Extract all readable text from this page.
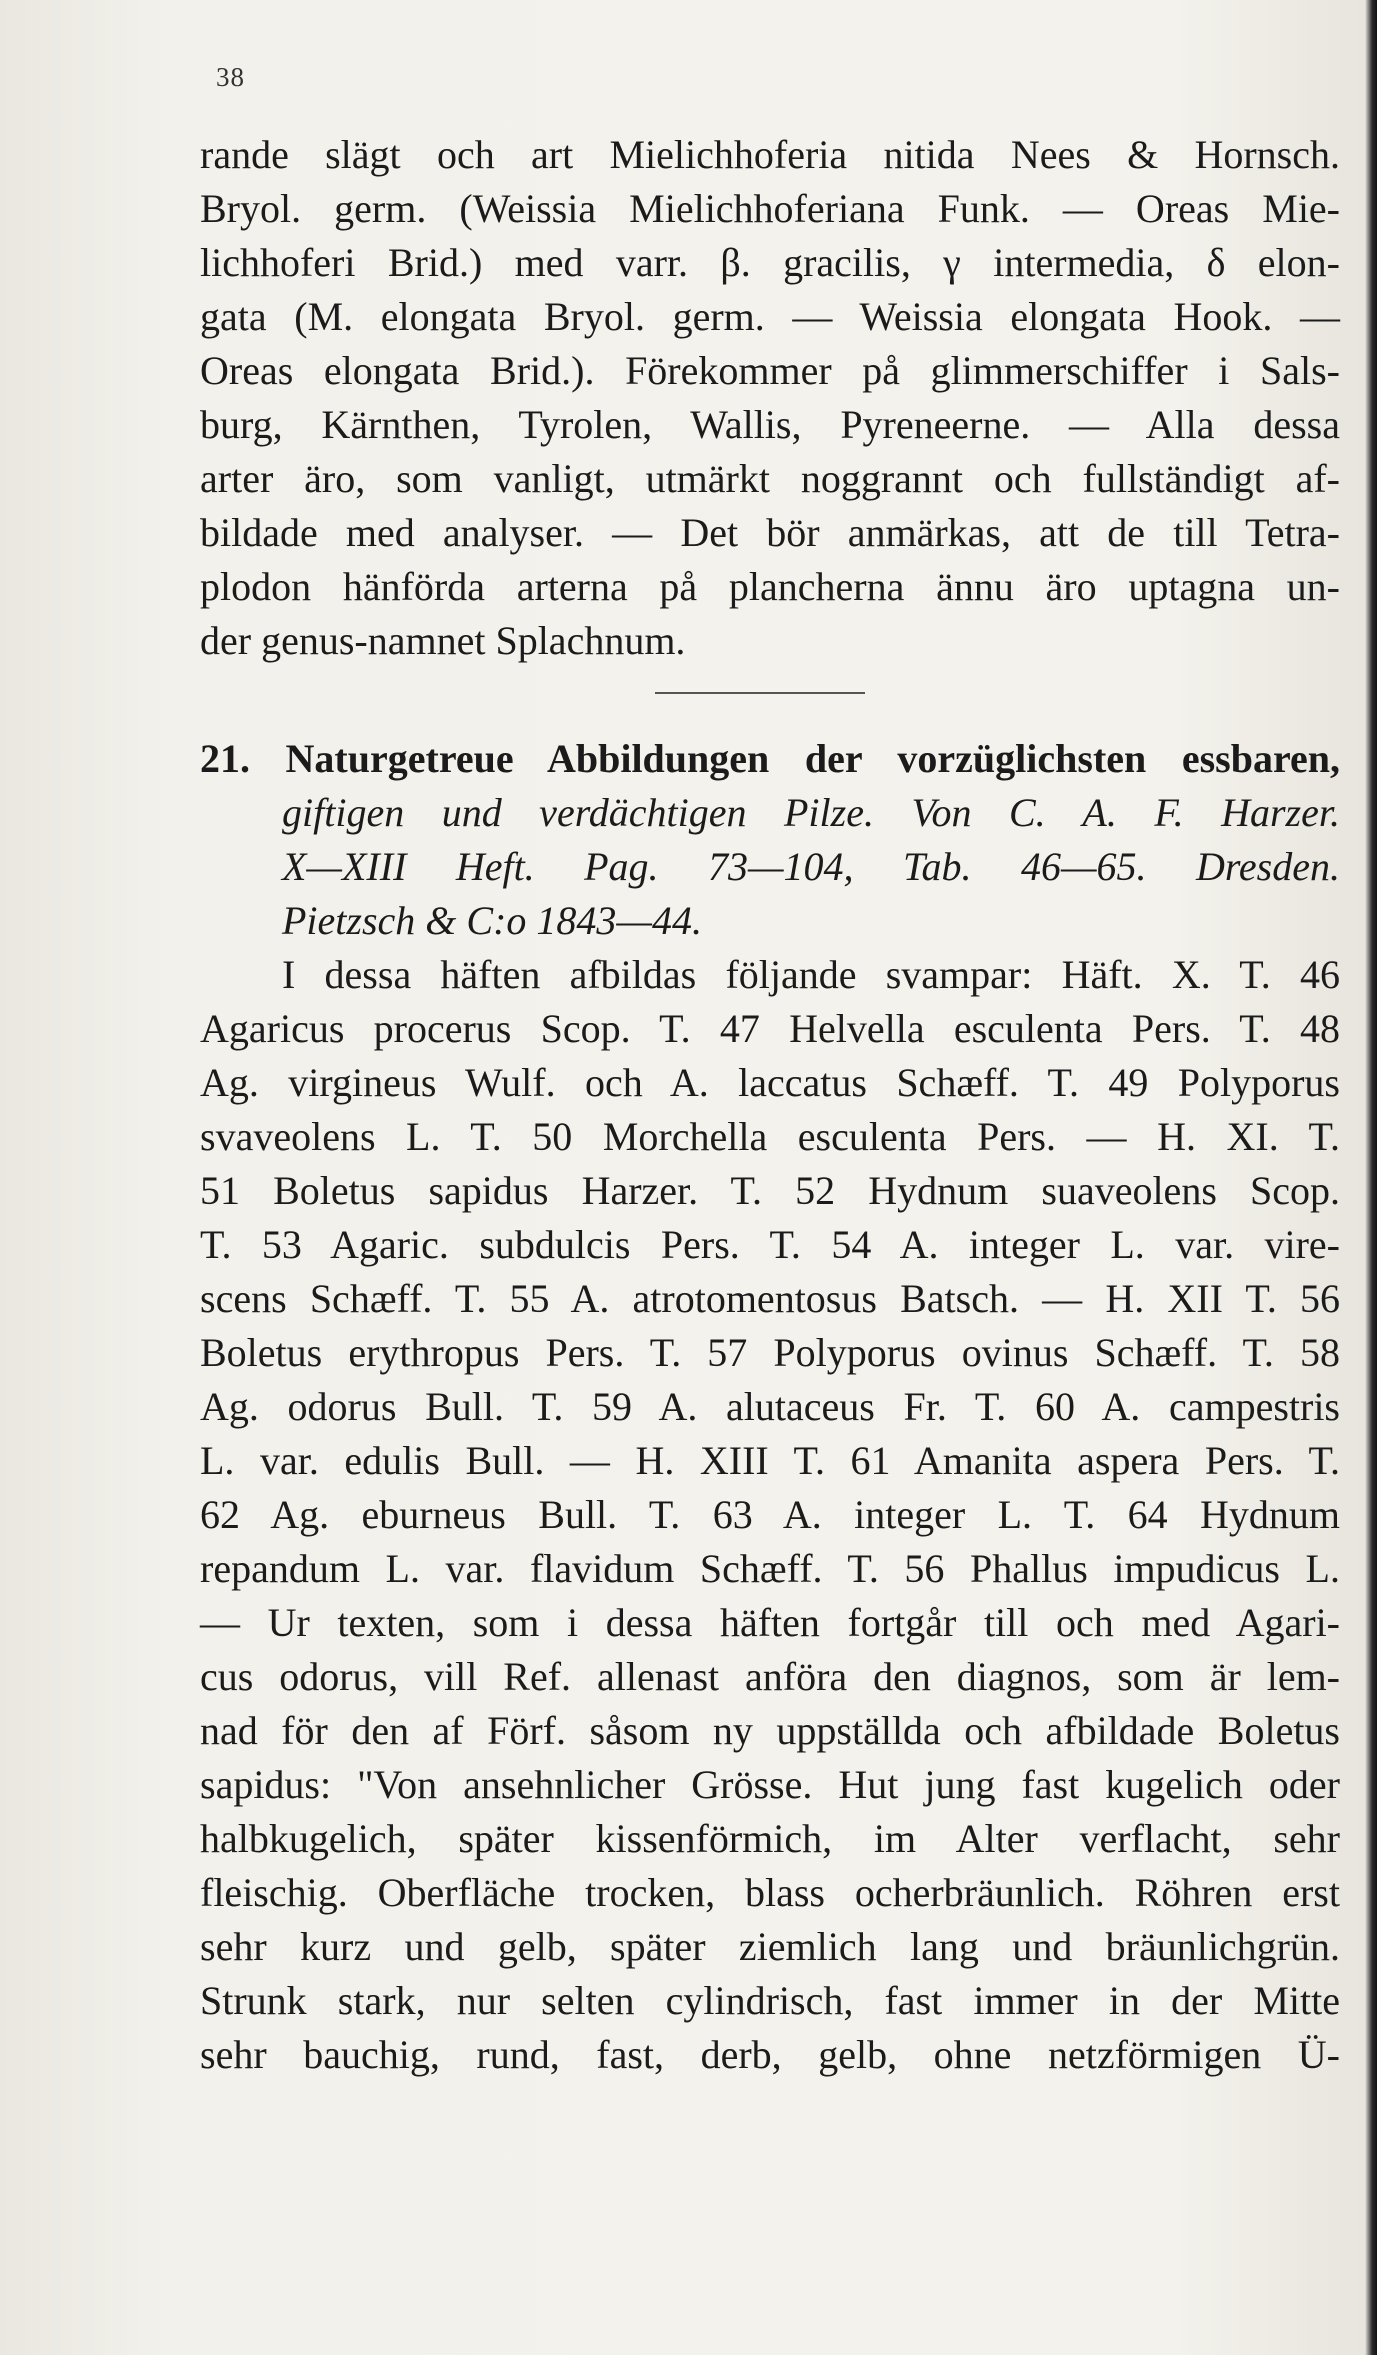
38
rande slägt och art Mielichhoferia nitida Nees & Hornsch.
Bryol. germ. (Weissia Mielichhoferiana Funk. — Oreas Mie-
lichhoferi Brid.) med varr. β. gracilis, γ intermedia, δ elon-
gata (M. elongata Bryol. germ. — Weissia elongata Hook. —
Oreas elongata Brid.). Förekommer på glimmerschiffer i Sals-
burg, Kärnthen, Tyrolen, Wallis, Pyreneerne. — Alla dessa
arter äro, som vanligt, utmärkt noggrannt och fullständigt af-
bildade med analyser. — Det bör anmärkas, att de till Tetra-
plodon hänförda arterna på plancherna ännu äro uptagna un-
der genus-namnet Splachnum.
21. Naturgetreue Abbildungen der vorzüglichsten essbaren,
giftigen und verdächtigen Pilze. Von C. A. F. Harzer.
X—XIII Heft. Pag. 73—104, Tab. 46—65. Dresden.
Pietzsch & C:o 1843—44.
I dessa häften afbildas följande svampar: Häft. X. T. 46
Agaricus procerus Scop. T. 47 Helvella esculenta Pers. T. 48
Ag. virgineus Wulf. och A. laccatus Schæff. T. 49 Polyporus
svaveolens L. T. 50 Morchella esculenta Pers. — H. XI. T.
51 Boletus sapidus Harzer. T. 52 Hydnum suaveolens Scop.
T. 53 Agaric. subdulcis Pers. T. 54 A. integer L. var. vire-
scens Schæff. T. 55 A. atrotomentosus Batsch. — H. XII T. 56
Boletus erythropus Pers. T. 57 Polyporus ovinus Schæff. T. 58
Ag. odorus Bull. T. 59 A. alutaceus Fr. T. 60 A. campestris
L. var. edulis Bull. — H. XIII T. 61 Amanita aspera Pers. T.
62 Ag. eburneus Bull. T. 63 A. integer L. T. 64 Hydnum
repandum L. var. flavidum Schæff. T. 56 Phallus impudicus L.
— Ur texten, som i dessa häften fortgår till och med Agari-
cus odorus, vill Ref. allenast anföra den diagnos, som är lem-
nad för den af Förf. såsom ny uppställda och afbildade Boletus
sapidus: "Von ansehnlicher Grösse. Hut jung fast kugelich oder
halbkugelich, später kissenförmich, im Alter verflacht, sehr
fleischig. Oberfläche trocken, blass ocherbräunlich. Röhren erst
sehr kurz und gelb, später ziemlich lang und bräunlichgrün.
Strunk stark, nur selten cylindrisch, fast immer in der Mitte
sehr bauchig, rund, fast, derb, gelb, ohne netzförmigen Ü-
